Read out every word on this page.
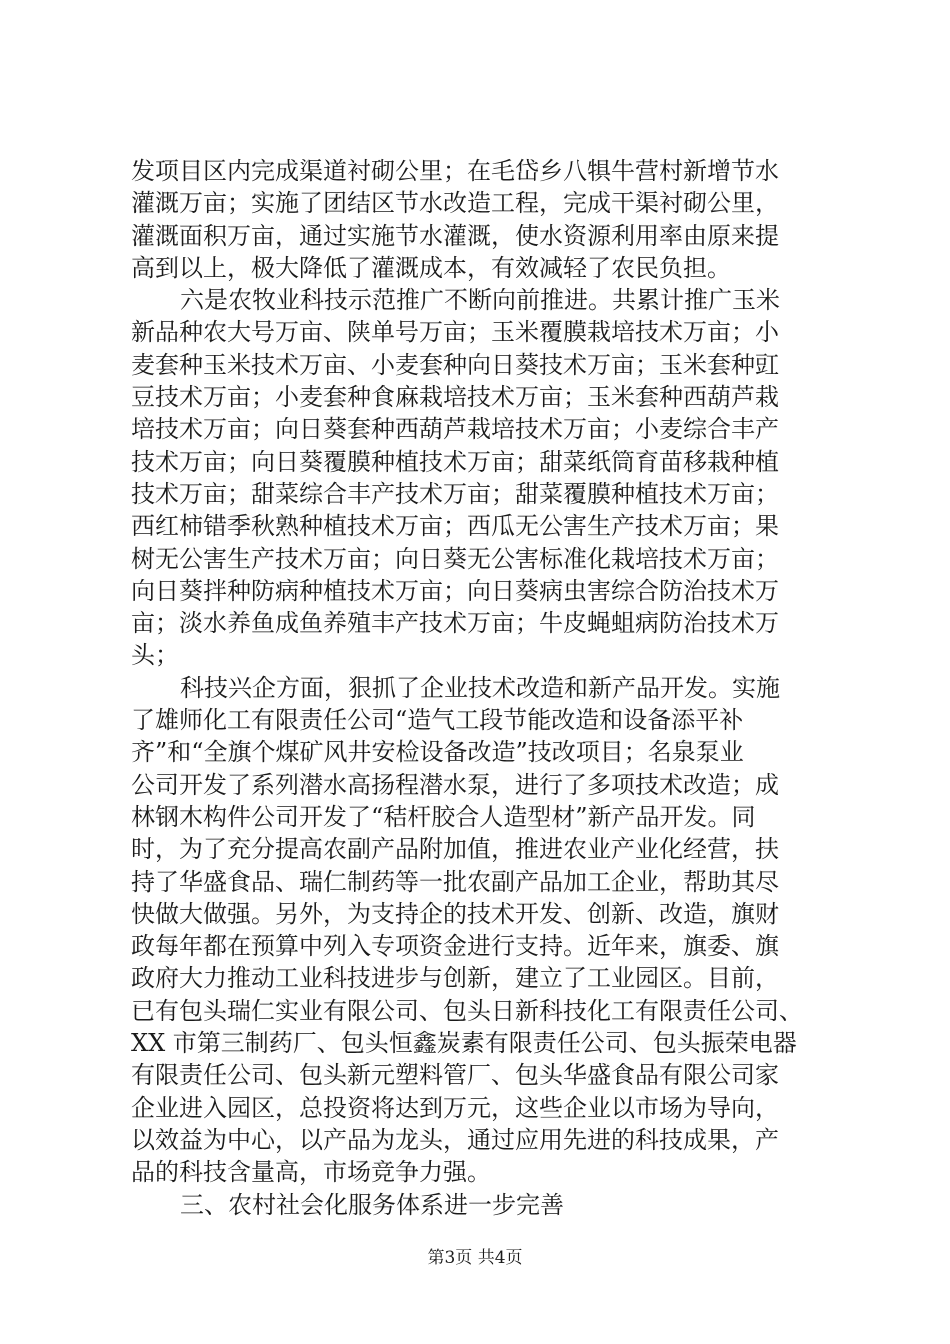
发项目区内完成渠道衬砌公里；在毛岱乡八犋牛营村新增节水
灌溉万亩；实施了团结区节水改造工程，完成干渠衬砌公里，
灌溉面积万亩，通过实施节水灌溉，使水资源利用率由原来提
高到以上，极大降低了灌溉成本，有效减轻了农民负担。
六是农牧业科技示范推广不断向前推进。共累计推广玉米
新品种农大号万亩、陕单号万亩；玉米覆膜栽培技术万亩；小
麦套种玉米技术万亩、小麦套种向日葵技术万亩；玉米套种豇
豆技术万亩；小麦套种食麻栽培技术万亩；玉米套种西葫芦栽
培技术万亩；向日葵套种西葫芦栽培技术万亩；小麦综合丰产
技术万亩；向日葵覆膜种植技术万亩；甜菜纸筒育苗移栽种植
技术万亩；甜菜综合丰产技术万亩；甜菜覆膜种植技术万亩；
西红柿错季秋熟种植技术万亩；西瓜无公害生产技术万亩；果
树无公害生产技术万亩；向日葵无公害标准化栽培技术万亩；
向日葵拌种防病种植技术万亩；向日葵病虫害综合防治技术万
亩；淡水养鱼成鱼养殖丰产技术万亩；牛皮蝇蛆病防治技术万
头；
科技兴企方面，狠抓了企业技术改造和新产品开发。实施
了雄师化工有限责任公司“造气工段节能改造和设备添平补
齐”和“全旗个煤矿风井安检设备改造”技改项目；名泉泵业
公司开发了系列潜水高扬程潜水泵，进行了多项技术改造；成
林钢木构件公司开发了“秸杆胶合人造型材”新产品开发。同
时，为了充分提高农副产品附加值，推进农业产业化经营，扶
持了华盛食品、瑞仁制药等一批农副产品加工企业，帮助其尽
快做大做强。另外，为支持企的技术开发、创新、改造，旗财
政每年都在预算中列入专项资金进行支持。近年来，旗委、旗
政府大力推动工业科技进步与创新，建立了工业园区。目前，
已有包头瑞仁实业有限公司、包头日新科技化工有限责任公司、
XX 市第三制药厂、包头恒鑫炭素有限责任公司、包头振荣电器
有限责任公司、包头新元塑料管厂、包头华盛食品有限公司家
企业进入园区，总投资将达到万元，这些企业以市场为导向，
以效益为中心，以产品为龙头，通过应用先进的科技成果，产
品的科技含量高，市场竞争力强。
三、农村社会化服务体系进一步完善
第3页 共4页
